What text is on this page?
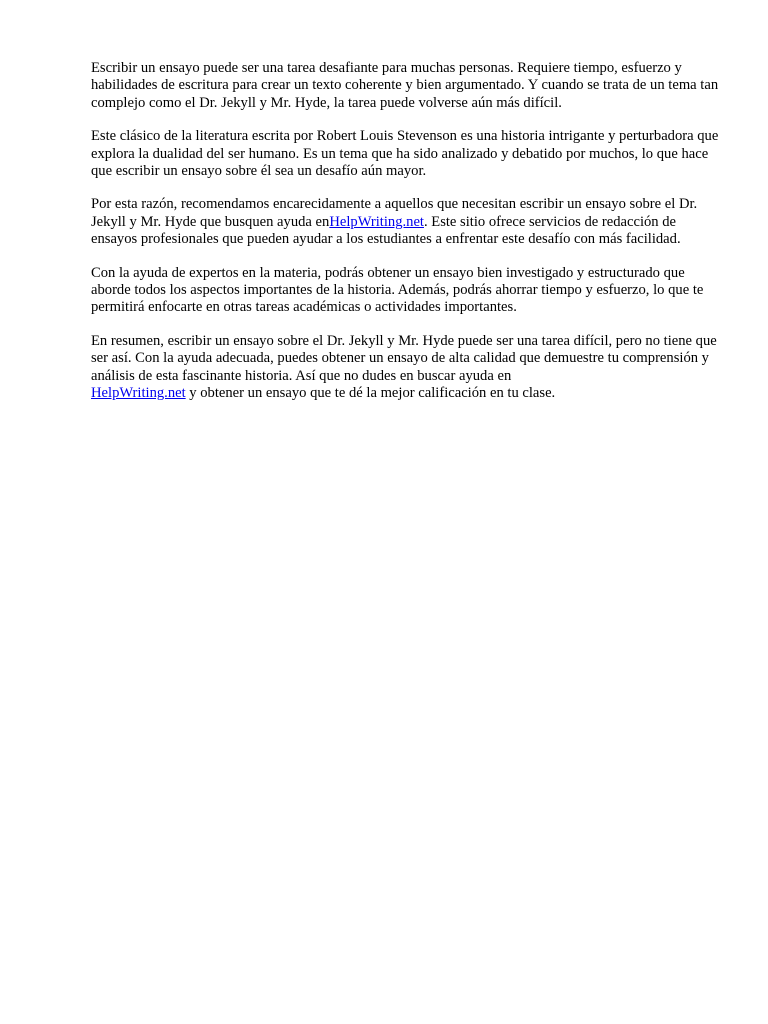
Escribir un ensayo puede ser una tarea desafiante para muchas personas. Requiere tiempo, esfuerzo y habilidades de escritura para crear un texto coherente y bien argumentado. Y cuando se trata de un tema tan complejo como el Dr. Jekyll y Mr. Hyde, la tarea puede volverse aún más difícil.

Este clásico de la literatura escrita por Robert Louis Stevenson es una historia intrigante y perturbadora que explora la dualidad del ser humano. Es un tema que ha sido analizado y debatido por muchos, lo que hace que escribir un ensayo sobre él sea un desafío aún mayor.

Por esta razón, recomendamos encarecidamente a aquellos que necesitan escribir un ensayo sobre el Dr. Jekyll y Mr. Hyde que busquen ayuda enHelpWriting.net. Este sitio ofrece servicios de redacción de ensayos profesionales que pueden ayudar a los estudiantes a enfrentar este desafío con más facilidad.

Con la ayuda de expertos en la materia, podrás obtener un ensayo bien investigado y estructurado que aborde todos los aspectos importantes de la historia. Además, podrás ahorrar tiempo y esfuerzo, lo que te permitirá enfocarte en otras tareas académicas o actividades importantes.

En resumen, escribir un ensayo sobre el Dr. Jekyll y Mr. Hyde puede ser una tarea difícil, pero no tiene que ser así. Con la ayuda adecuada, puedes obtener un ensayo de alta calidad que demuestre tu comprensión y análisis de esta fascinante historia. Así que no dudes en buscar ayuda en
HelpWriting.net y obtener un ensayo que te dé la mejor calificación en tu clase.
